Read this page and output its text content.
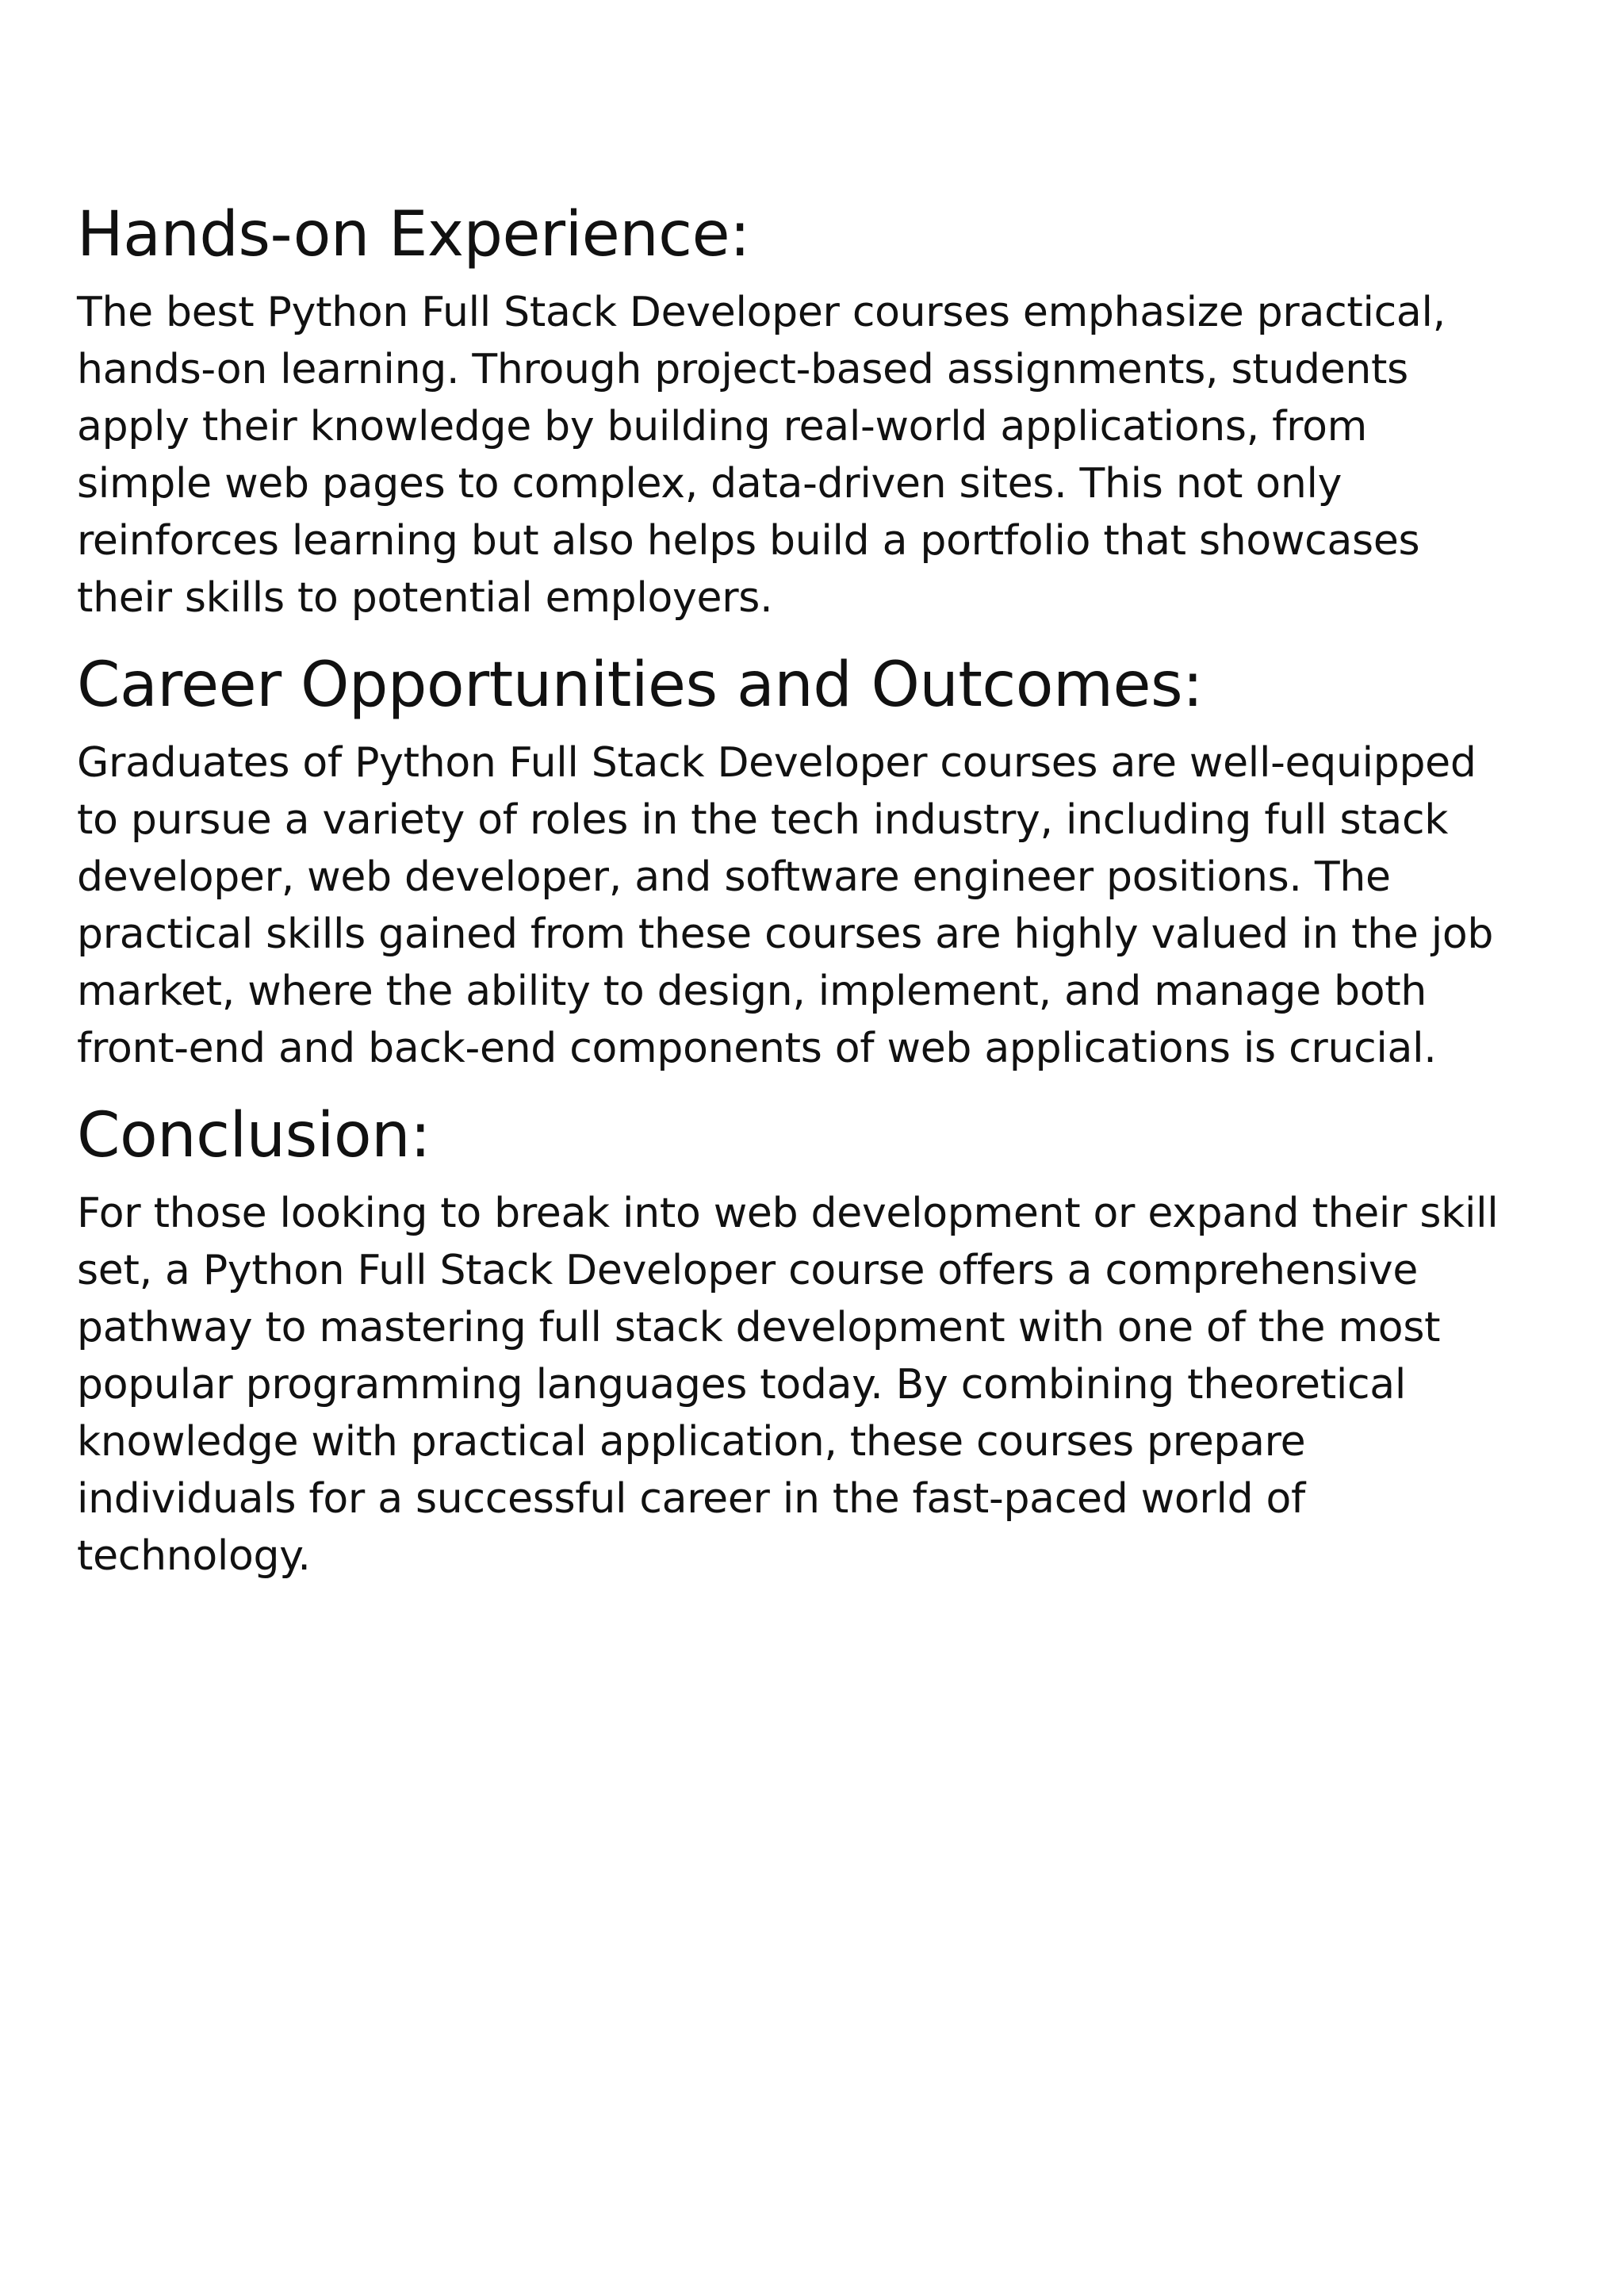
Hands-on Experience:

The best Python Full Stack Developer courses emphasize practical,
hands-on learning. Through project-based assignments, students
apply their knowledge by building real-world applications, from
simple web pages to complex, data-driven sites. This not only
reinforces learning but also helps build a portfolio that showcases
their skills to potential employers.

Career Opportunities and Outcomes:

Graduates of Python Full Stack Developer courses are well-equipped
to pursue a variety of roles in the tech industry, including full stack
developer, web developer, and software engineer positions. The
practical skills gained from these courses are highly valued in the job
market, where the ability to design, implement, and manage both
front-end and back-end components of web applications is crucial.

Conclusion:

For those looking to break into web development or expand their skill
set, a Python Full Stack Developer course offers a comprehensive
pathway to mastering full stack development with one of the most
popular programming languages today. By combining theoretical
knowledge with practical application, these courses prepare
individuals for a successful career in the fast-paced world of
technology.
